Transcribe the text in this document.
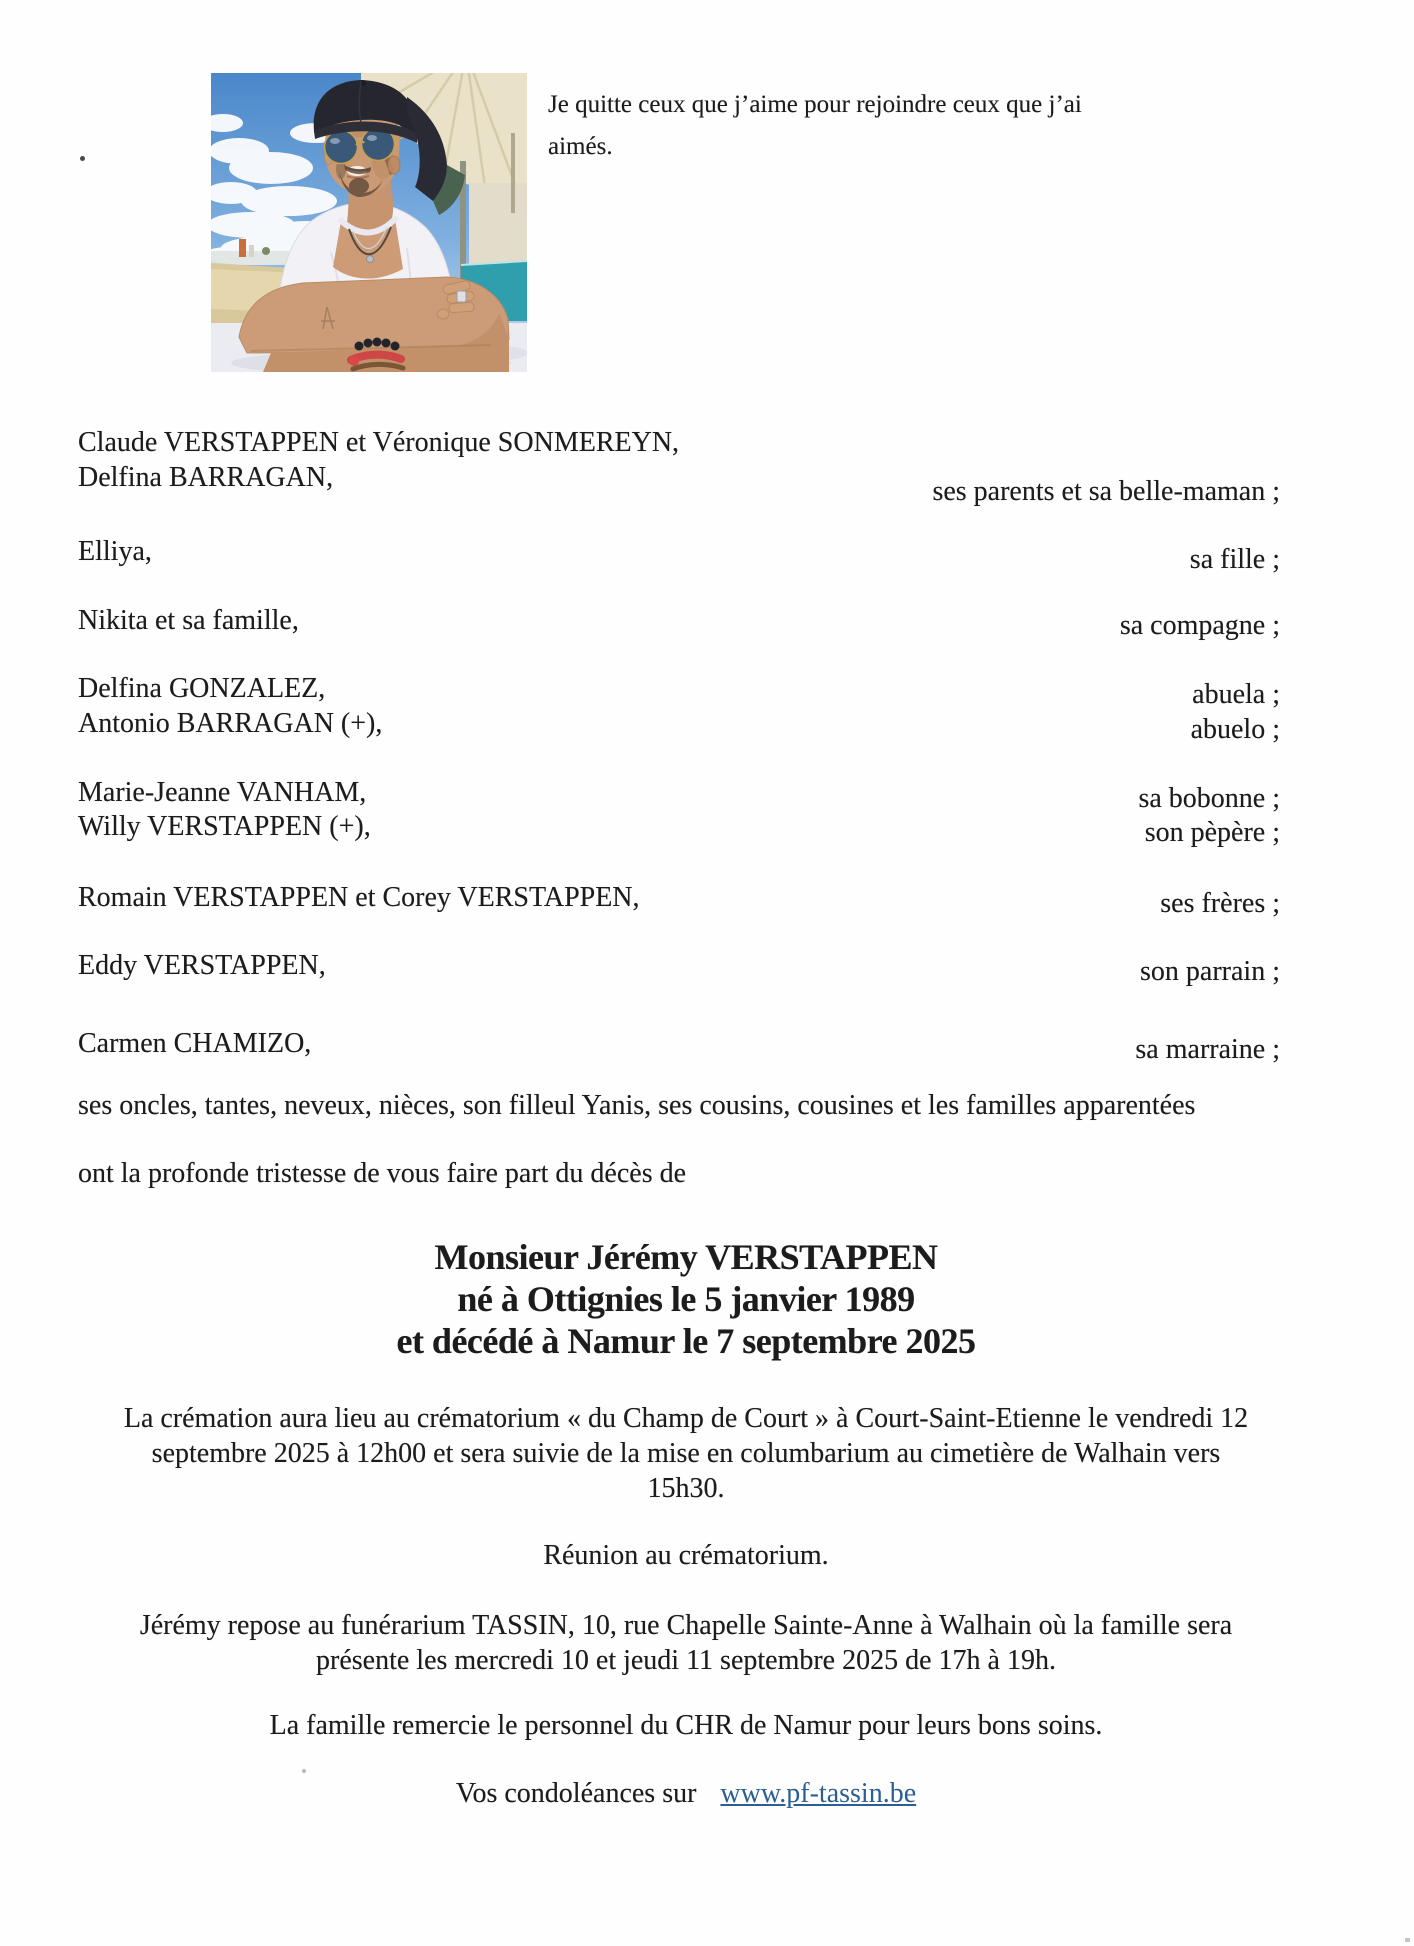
Je quitte ceux que j’aime pour rejoindre ceux que j’ai
aimés.
Claude VERSTAPPEN et Véronique SONMEREYN,
Delfina BARRAGAN,
Elliya,
Nikita et sa famille,
Delfina GONZALEZ,
Antonio BARRAGAN (+),
Marie-Jeanne VANHAM,
Willy VERSTAPPEN (+),
Romain VERSTAPPEN et Corey VERSTAPPEN,
Eddy VERSTAPPEN,
Carmen CHAMIZO,
ses parents et sa belle-maman ;
sa fille ;
sa compagne ;
abuela ;
abuelo ;
sa bobonne ;
son pèpère ;
ses frères ;
son parrain ;
sa marraine ;
ses oncles, tantes, neveux, nièces, son filleul Yanis, ses cousins, cousines et les familles apparentées
ont la profonde tristesse de vous faire part du décès de
Monsieur Jérémy VERSTAPPEN
né à Ottignies le 5 janvier 1989
et décédé à Namur le 7 septembre 2025
La crémation aura lieu au crématorium « du Champ de Court » à Court-Saint-Etienne le vendredi 12
septembre 2025 à 12h00 et sera suivie de la mise en columbarium au cimetière de Walhain vers
15h30.
Réunion au crématorium.
Jérémy repose au funérarium TASSIN, 10, rue Chapelle Sainte-Anne à Walhain où la famille sera
présente les mercredi 10 et jeudi 11 septembre 2025 de 17h à 19h.
La famille remercie le personnel du CHR de Namur pour leurs bons soins.
Vos condoléances sur www.pf-tassin.be
